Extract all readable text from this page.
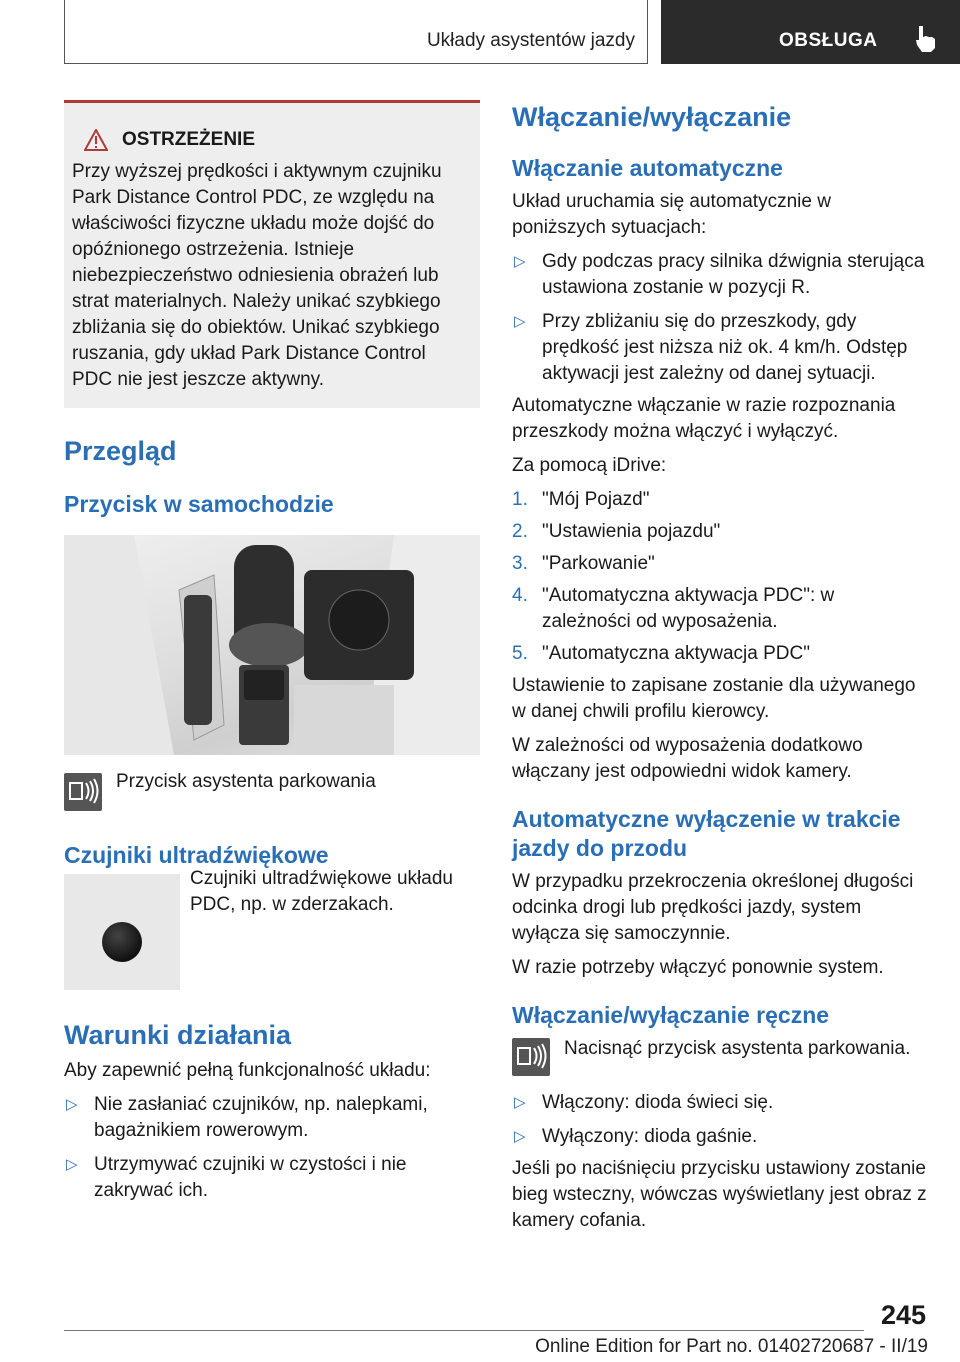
Układy asystentów jazdy	OBSŁUGA
OSTRZEŻENIE
Przy wyższej prędkości i aktywnym czujniku Park Distance Control PDC, ze względu na właściwości fizyczne układu może dojść do opóźnionego ostrzeżenia. Istnieje niebezpieczeństwo odniesienia obrażeń lub strat materialnych. Należy unikać szybkiego zbliżania się do obiektów. Unikać szybkiego ruszania, gdy układ Park Distance Control PDC nie jest jeszcze aktywny.
Przegląd
Przycisk w samochodzie

Przycisk asystenta parkowania

Czujniki ultradźwiękowe

Czujniki ultradźwiękowe układu PDC, np. w zderzakach.

Warunki działania

Aby zapewnić pełną funkcjonalność układu:

▷ Nie zasłaniać czujników, np. nalepkami, bagażnikiem rowerowym.
▷ Utrzymywać czujniki w czystości i nie zakrywać ich.
Włączanie/wyłączanie
Włączanie automatyczne

Układ uruchamia się automatycznie w poniższych sytuacjach:

▷ Gdy podczas pracy silnika dźwignia sterująca ustawiona zostanie w pozycji R.
▷ Przy zbliżaniu się do przeszkody, gdy prędkość jest niższa niż ok. 4 km/h. Odstęp aktywacji jest zależny od danej sytuacji.

Automatyczne włączanie w razie rozpoznania przeszkody można włączyć i wyłączyć.

Za pomocą iDrive:

1. "Mój Pojazd"
2. "Ustawienia pojazdu"
3. "Parkowanie"
4. "Automatyczna aktywacja PDC": w zależności od wyposażenia.
5. "Automatyczna aktywacja PDC"

Ustawienie to zapisane zostanie dla używanego w danej chwili profilu kierowcy.

W zależności od wyposażenia dodatkowo włączany jest odpowiedni widok kamery.

Automatyczne wyłączenie w trakcie jazdy do przodu

W przypadku przekroczenia określonej długości odcinka drogi lub prędkości jazdy, system wyłącza się samoczynnie.

W razie potrzeby włączyć ponownie system.

Włączanie/wyłączanie ręczne

Nacisnąć przycisk asystenta parkowania.

▷ Włączony: dioda świeci się.
▷ Wyłączony: dioda gaśnie.

Jeśli po naciśnięciu przycisku ustawiony zostanie bieg wsteczny, wówczas wyświetlany jest obraz z kamery cofania.

245
Online Edition for Part no. 01402720687 - II/19
